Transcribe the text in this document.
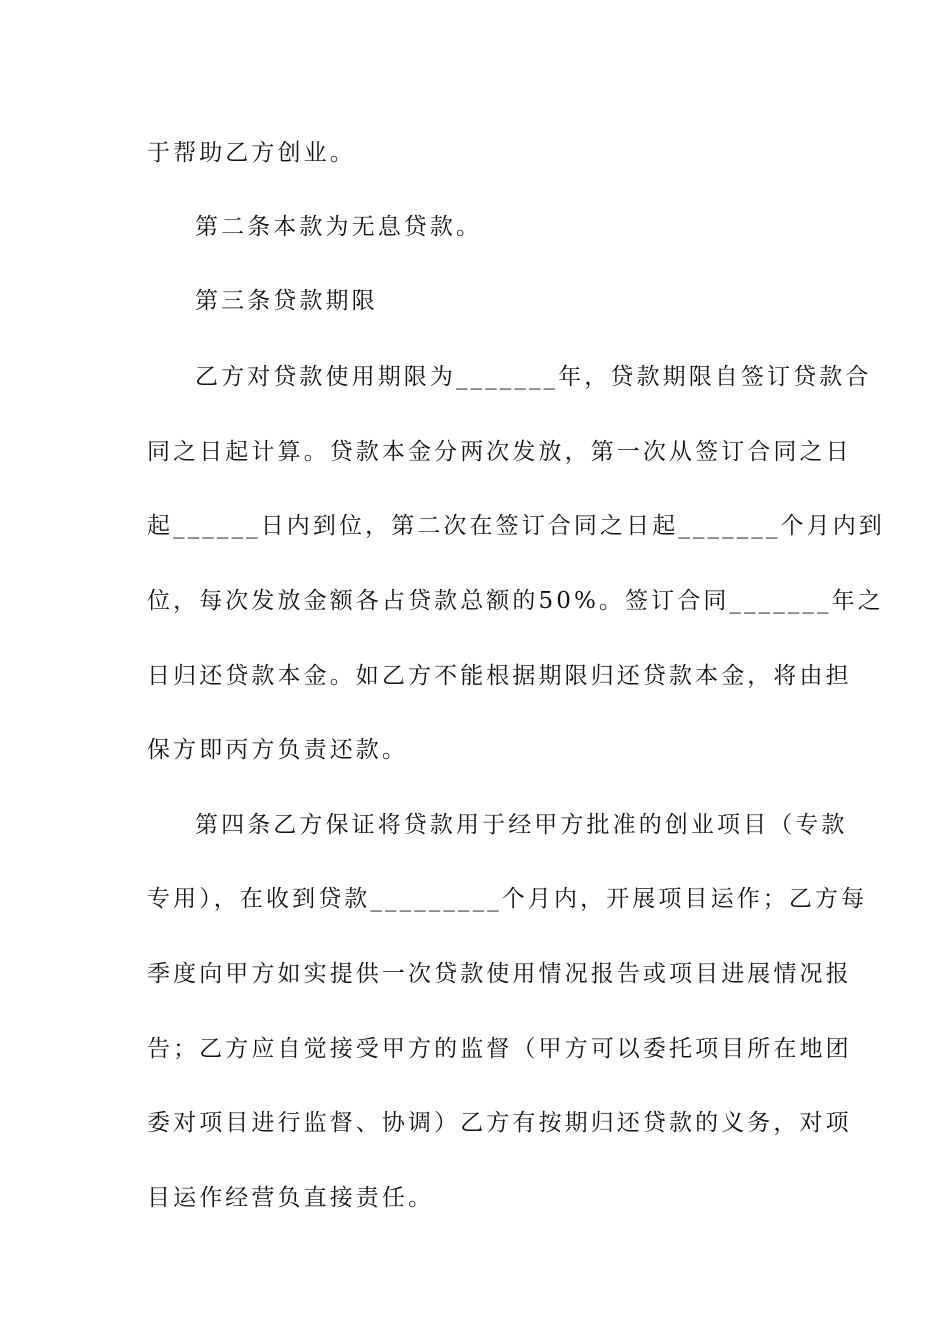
于帮助乙方创业。
第二条本款为无息贷款。
第三条贷款期限
乙方对贷款使用期限为_______年，贷款期限自签订贷款合
同之日起计算。贷款本金分两次发放，第一次从签订合同之日
起______日内到位，第二次在签订合同之日起_______个月内到
位，每次发放金额各占贷款总额的50%。签订合同_______年之
日归还贷款本金。如乙方不能根据期限归还贷款本金，将由担
保方即丙方负责还款。
第四条乙方保证将贷款用于经甲方批准的创业项目（专款
专用），在收到贷款_________个月内，开展项目运作；乙方每
季度向甲方如实提供一次贷款使用情况报告或项目进展情况报
告；乙方应自觉接受甲方的监督（甲方可以委托项目所在地团
委对项目进行监督、协调）乙方有按期归还贷款的义务，对项
目运作经营负直接责任。
